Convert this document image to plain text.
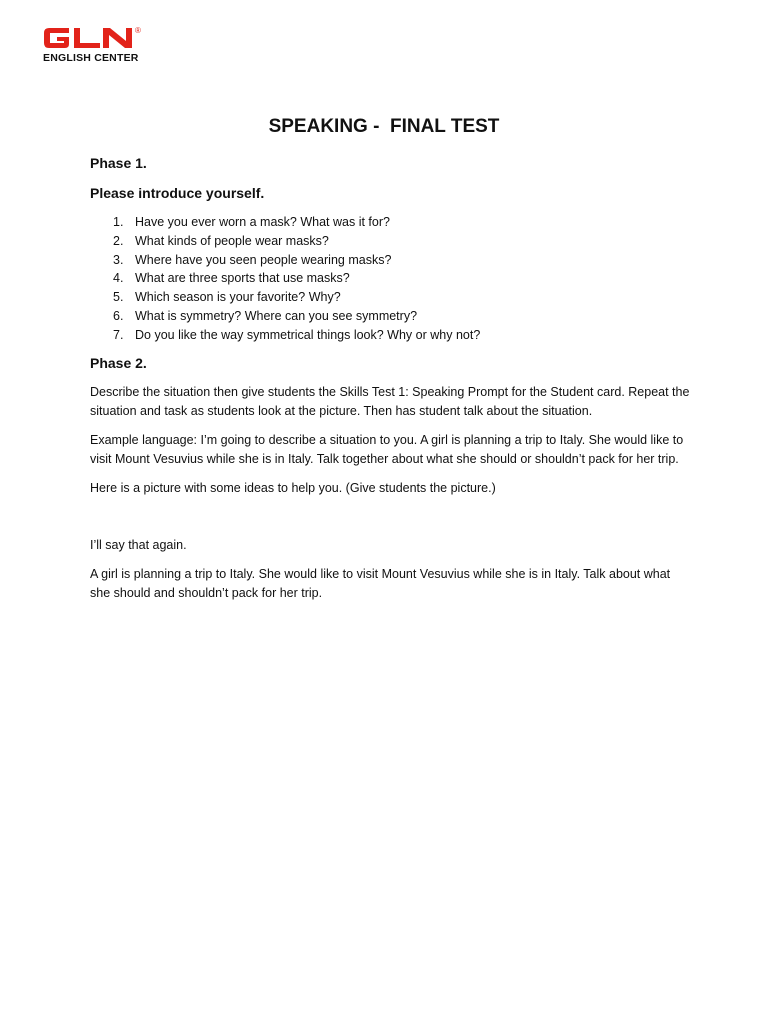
®
ENGLISH CENTER
SPEAKING -  FINAL TEST
Phase 1.
Please introduce yourself.
1. Have you ever worn a mask? What was it for?
2. What kinds of people wear masks?
3. Where have you seen people wearing masks?
4. What are three sports that use masks?
5. Which season is your favorite? Why?
6. What is symmetry? Where can you see symmetry?
7. Do you like the way symmetrical things look? Why or why not?
Phase 2.

Describe the situation then give students the Skills Test 1: Speaking Prompt for the Student card. Repeat the situation and task as students look at the picture. Then has student talk about the situation.

Example language: I’m going to describe a situation to you. A girl is planning a trip to Italy. She would like to visit Mount Vesuvius while she is in Italy. Talk together about what she should or shouldn’t pack for her trip.

Here is a picture with some ideas to help you. (Give students the picture.)

I’ll say that again.

A girl is planning a trip to Italy. She would like to visit Mount Vesuvius while she is in Italy. Talk about what she should and shouldn’t pack for her trip.
